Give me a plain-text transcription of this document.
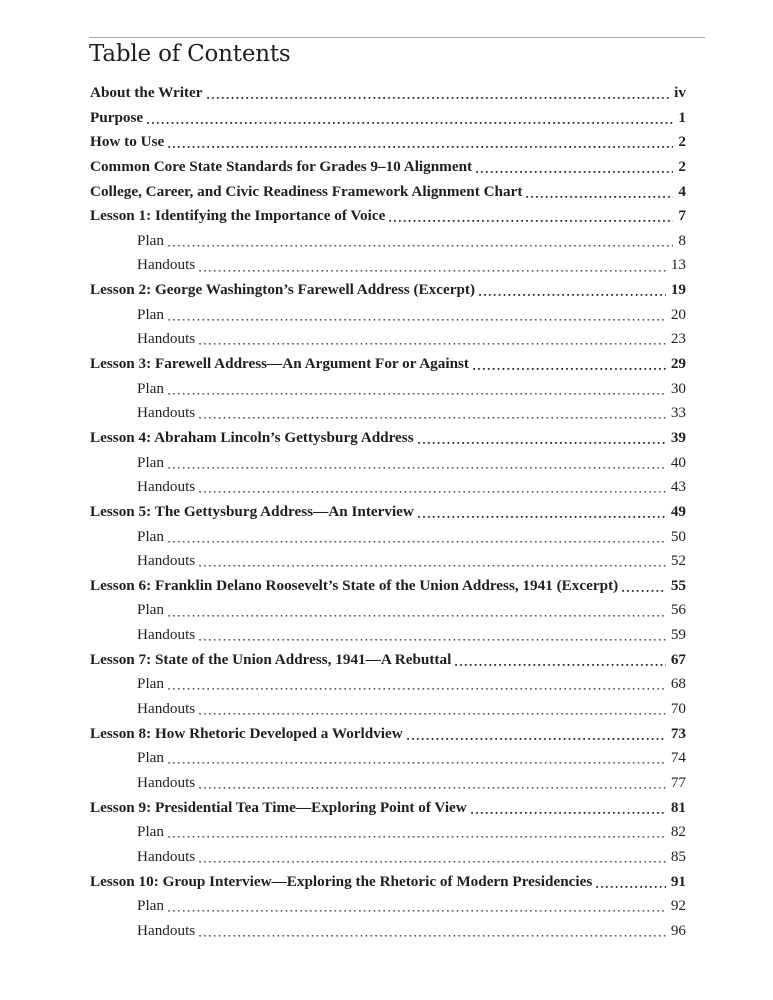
Table of Contents
About the Writer	iv
Purpose	1
How to Use	2
Common Core State Standards for Grades 9–10 Alignment	2
College, Career, and Civic Readiness Framework Alignment Chart	4
Lesson 1: Identifying the Importance of Voice	7
Plan	8
Handouts	13
Lesson 2: George Washington’s Farewell Address (Excerpt)	19
Plan	20
Handouts	23
Lesson 3: Farewell Address—An Argument For or Against	29
Plan	30
Handouts	33
Lesson 4: Abraham Lincoln’s Gettysburg Address	39
Plan	40
Handouts	43
Lesson 5: The Gettysburg Address—An Interview	49
Plan	50
Handouts	52
Lesson 6: Franklin Delano Roosevelt’s State of the Union Address, 1941 (Excerpt)	55
Plan	56
Handouts	59
Lesson 7: State of the Union Address, 1941—A Rebuttal	67
Plan	68
Handouts	70
Lesson 8: How Rhetoric Developed a Worldview	73
Plan	74
Handouts	77
Lesson 9: Presidential Tea Time—Exploring Point of View	81
Plan	82
Handouts	85
Lesson 10: Group Interview—Exploring the Rhetoric of Modern Presidencies	91
Plan	92
Handouts	96
